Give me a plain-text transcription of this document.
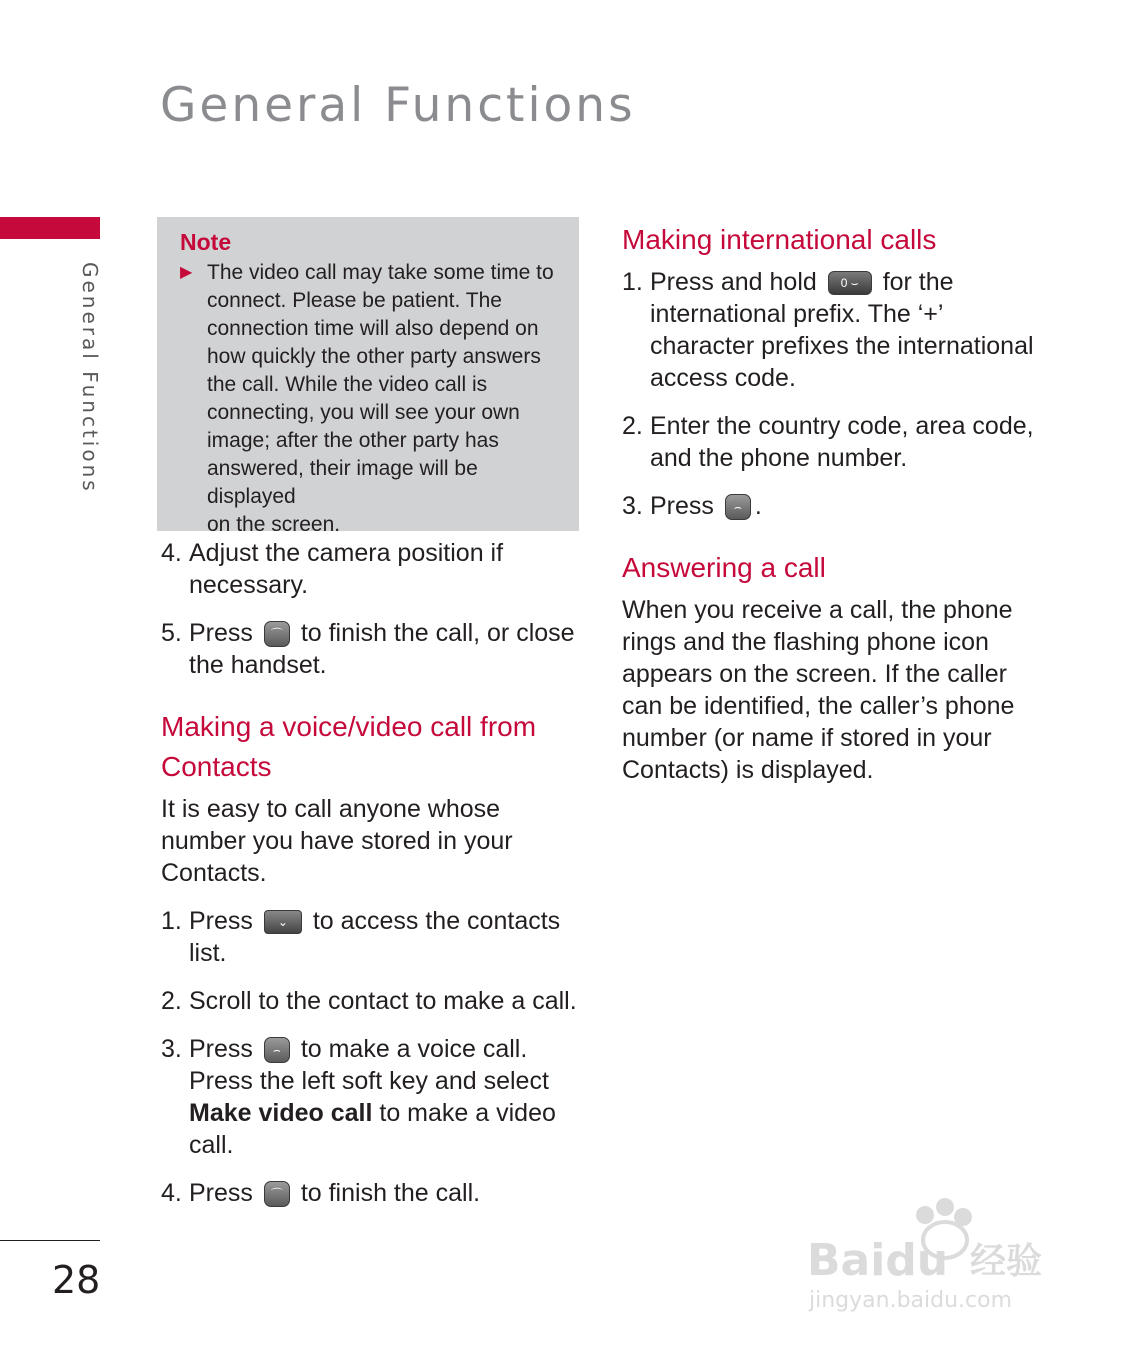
General Functions
General Functions
28
Note
▶ The video call may take some time to
connect. Please be patient. The
connection time will also depend on
how quickly the other party answers
the call. While the video call is
connecting, you will see your own
image; after the other party has
answered, their image will be displayed
on the screen.
4. Adjust the camera position if necessary.
5. Press	⌒ to finish the call, or close the handset.
Making a voice/video call from Contacts
It is easy to call anyone whose number you have stored in your Contacts.
1. Press	⌄ to access the contacts list.
2. Scroll to the contact to make a call.
3. Press	⌢ to make a voice call. Press the left soft key and select Make video call to make a video call.
4. Press	⌒ to finish the call.
Making international calls
1. Press and hold	0 ⌣ for the international prefix. The ‘+’ character prefixes the international access code.
2. Enter the country code, area code, and the phone number.
3. Press	⌢ .
Answering a call
When you receive a call, the phone rings and the flashing phone icon appears on the screen. If the caller can be identified, the caller’s phone number (or name if stored in your Contacts) is displayed.
Baidu 经验
jingyan.baidu.com
